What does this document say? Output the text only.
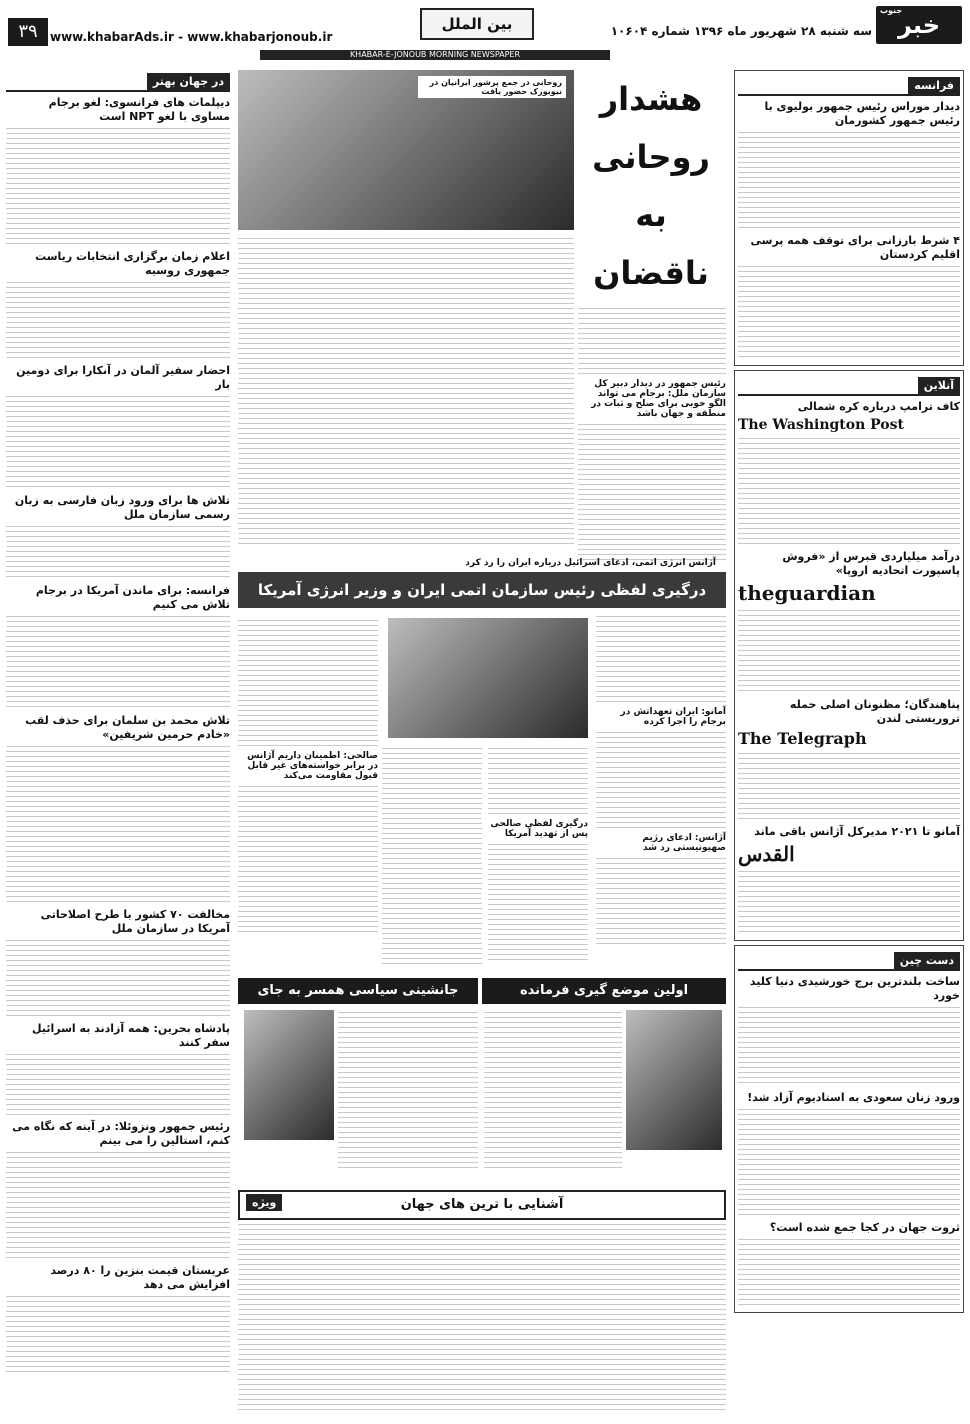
خبر
جنوب
سه شنبه ۲۸ شهریور ماه ۱۳۹۶ شماره ۱۰۶۰۴
بین الملل
www.khabarAds.ir - www.khabarjonoub.ir
۳۹
KHABAR-E-JONOUB MORNING NEWSPAPER
فرانسه
دیدار موراس رئیس جمهور بولیوی با رئیس جمهور کشورمان
۴ شرط بارزانی برای توقف همه پرسی اقلیم کردستان
آنلاین
کاف ترامپ درباره کره شمالی
The Washington Post
درآمد میلیاردی قبرس از «فروش پاسپورت اتحادیه اروپا»
theguardian
پناهندگان؛ مظنونان اصلی حمله تروریستی لندن
The Telegraph
آمانو تا ۲۰۲۱ مدیرکل آژانس باقی ماند
القدس
دست چین
ساخت بلندترین برج خورشیدی دنیا کلید خورد
ورود زنان سعودی به استادیوم آزاد شد!
ثروت جهان در کجا جمع شده است؟
هشدار روحانی به ناقضان
روحانی در جمع پرشور ایرانیان در نیویورک حضور یافت
رئیس جمهور در دیدار دبیر کل سازمان ملل: برجام می تواند الگو خوبی برای صلح و ثبات در منطقه و جهان باشد
آژانس انرژی اتمی، ادعای اسرائیل درباره ایران را رد کرد
درگیری لفظی رئیس سازمان اتمی ایران و وزیر انرژی آمریکا
آمانو: ایران تعهداتش در برجام را اجرا کرده
آژانس: ادعای رژیم صهیونیستی رد شد
درگیری لفظی صالحی پس از تهدید آمریکا
صالحی: اطمینان داریم آژانس در برابر خواسته‌های غیر قابل قبول مقاومت می‌کند
اولین موضع گیری فرمانده
جانشینی سیاسی همسر به جای
آشنایی با ترین های جهان
ویژه
در جهان بهتر
دیپلمات های فرانسوی: لغو برجام مساوی با لغو NPT است
اعلام زمان برگزاری انتخابات ریاست جمهوری روسیه
احضار سفیر آلمان در آنکارا برای دومین بار
تلاش ها برای ورود زبان فارسی به زبان رسمی سازمان ملل
فرانسه: برای ماندن آمریکا در برجام تلاش می کنیم
تلاش محمد بن سلمان برای حذف لقب «خادم حرمین شریفین»
مخالفت ۷۰ کشور با طرح اصلاحاتی آمریکا در سازمان ملل
پادشاه بحرین: همه آزادند به اسرائیل سفر کنند
رئیس جمهور ونزوئلا: در آینه که نگاه می کنم، استالین را می بینم
عربستان قیمت بنزین را ۸۰ درصد افزایش می دهد
